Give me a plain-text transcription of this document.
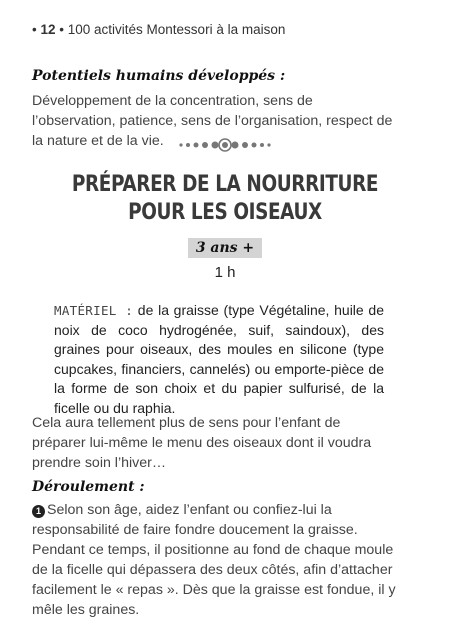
• 12 • 100 activités Montessori à la maison
Potentiels humains développés :
Développement de la concentration, sens de l’observation, patience, sens de l’organisation, respect de la nature et de la vie.
PRÉPARER DE LA NOURRITURE
POUR LES OISEAUX
3 ans +
1 h
MATÉRIEL : de la graisse (type Végétaline, huile de noix de coco hydrogénée, suif, saindoux), des graines pour oiseaux, des moules en silicone (type cupcakes, financiers, cannelés) ou emporte-pièce de la forme de son choix et du papier sulfurisé, de la ficelle ou du raphia.
Cela aura tellement plus de sens pour l’enfant de préparer lui-même le menu des oiseaux dont il voudra prendre soin l’hiver…
Déroulement :
1 Selon son âge, aidez l’enfant ou confiez-lui la responsabilité de faire fondre doucement la graisse. Pendant ce temps, il positionne au fond de chaque moule de la ficelle qui dépassera des deux côtés, afin d’attacher facilement le « repas ». Dès que la graisse est fondue, il y mêle les graines.
